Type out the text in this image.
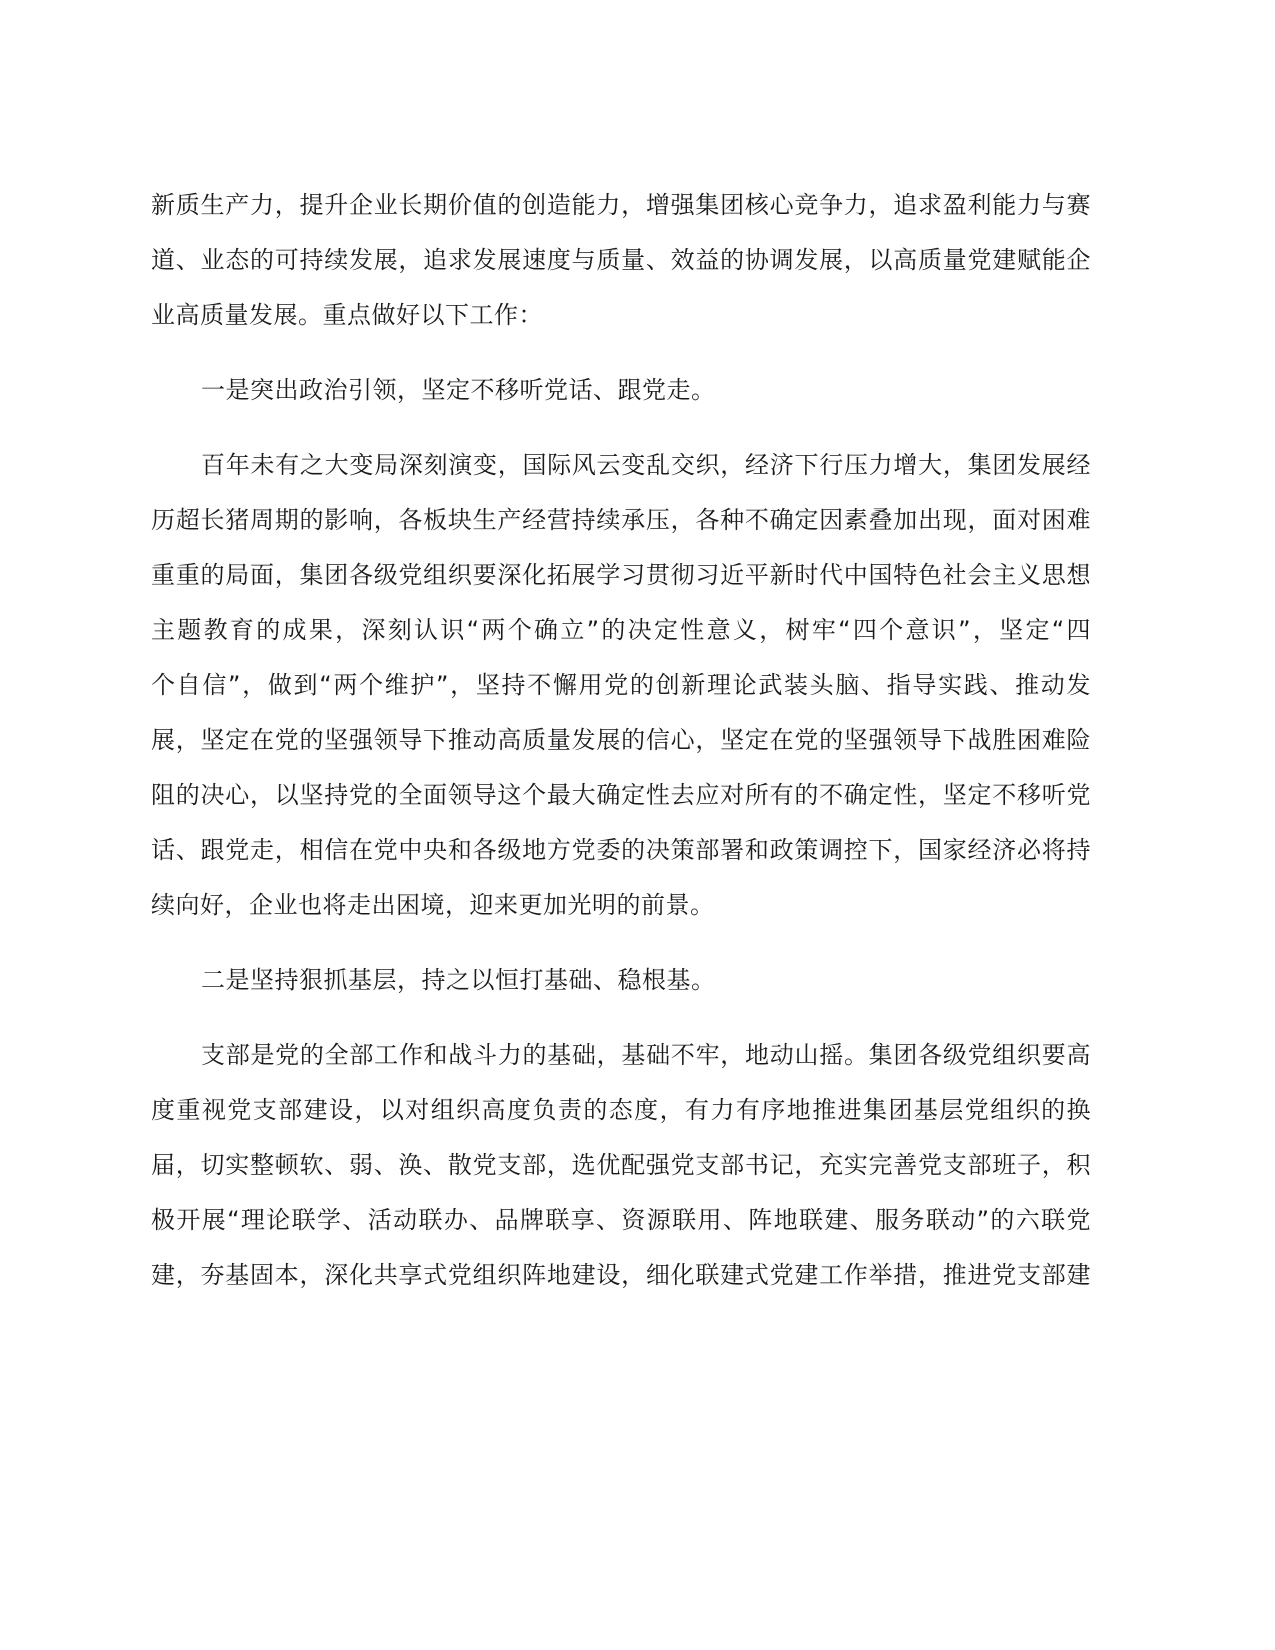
新质生产力，提升企业长期价值的创造能力，增强集团核心竞争力，追求盈利能力与赛
道、业态的可持续发展，追求发展速度与质量、效益的协调发展，以高质量党建赋能企
业高质量发展。重点做好以下工作：
一是突出政治引领，坚定不移听党话、跟党走。
百年未有之大变局深刻演变，国际风云变乱交织，经济下行压力增大，集团发展经
历超长猪周期的影响，各板块生产经营持续承压，各种不确定因素叠加出现，面对困难
重重的局面，集团各级党组织要深化拓展学习贯彻习近平新时代中国特色社会主义思想
主题教育的成果，深刻认识“两个确立”的决定性意义，树牢“四个意识”，坚定“四
个自信”，做到“两个维护”，坚持不懈用党的创新理论武装头脑、指导实践、推动发
展，坚定在党的坚强领导下推动高质量发展的信心，坚定在党的坚强领导下战胜困难险
阻的决心，以坚持党的全面领导这个最大确定性去应对所有的不确定性，坚定不移听党
话、跟党走，相信在党中央和各级地方党委的决策部署和政策调控下，国家经济必将持
续向好，企业也将走出困境，迎来更加光明的前景。
二是坚持狠抓基层，持之以恒打基础、稳根基。
支部是党的全部工作和战斗力的基础，基础不牢，地动山摇。集团各级党组织要高
度重视党支部建设，以对组织高度负责的态度，有力有序地推进集团基层党组织的换
届，切实整顿软、弱、涣、散党支部，选优配强党支部书记，充实完善党支部班子，积
极开展“理论联学、活动联办、品牌联享、资源联用、阵地联建、服务联动”的六联党
建，夯基固本，深化共享式党组织阵地建设，细化联建式党建工作举措，推进党支部建
